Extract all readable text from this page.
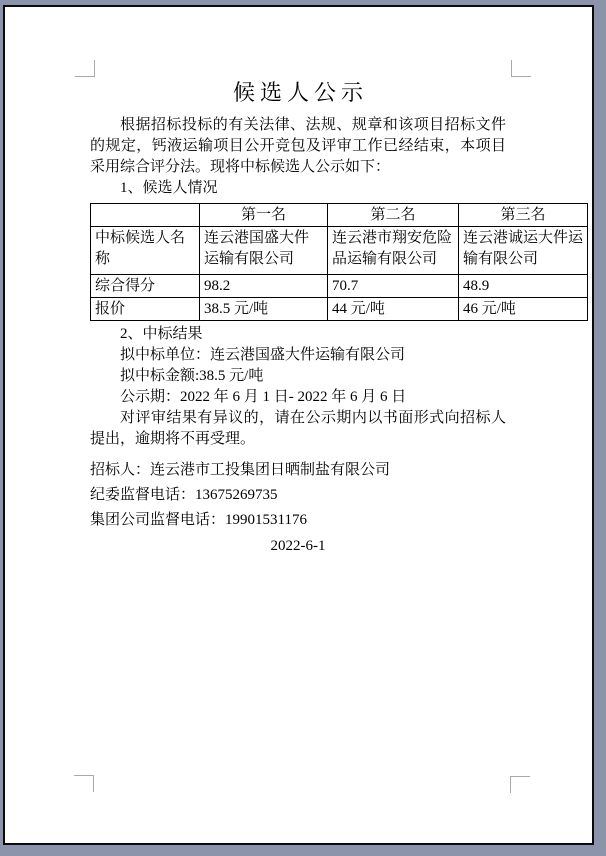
候选人公示

根据招标投标的有关法律、法规、规章和该项目招标文件的规定，钙液运输项目公开竞包及评审工作已经结束，本项目采用综合评分法。现将中标候选人公示如下：

1、候选人情况

	第一名	第二名	第三名
中标候选人名称	连云港国盛大件运输有限公司	连云港市翔安危险品运输有限公司	连云港诚运大件运输有限公司
综合得分	98.2	70.7	48.9
报价	38.5 元/吨	44 元/吨	46 元/吨

2、中标结果

拟中标单位：连云港国盛大件运输有限公司

拟中标金额:38.5 元/吨

公示期：2022 年 6 月 1 日- 2022 年 6 月 6 日

对评审结果有异议的，请在公示期内以书面形式向招标人提出，逾期将不再受理。

招标人：连云港市工投集团日晒制盐有限公司

纪委监督电话：13675269735

集团公司监督电话：19901531176

2022-6-1
